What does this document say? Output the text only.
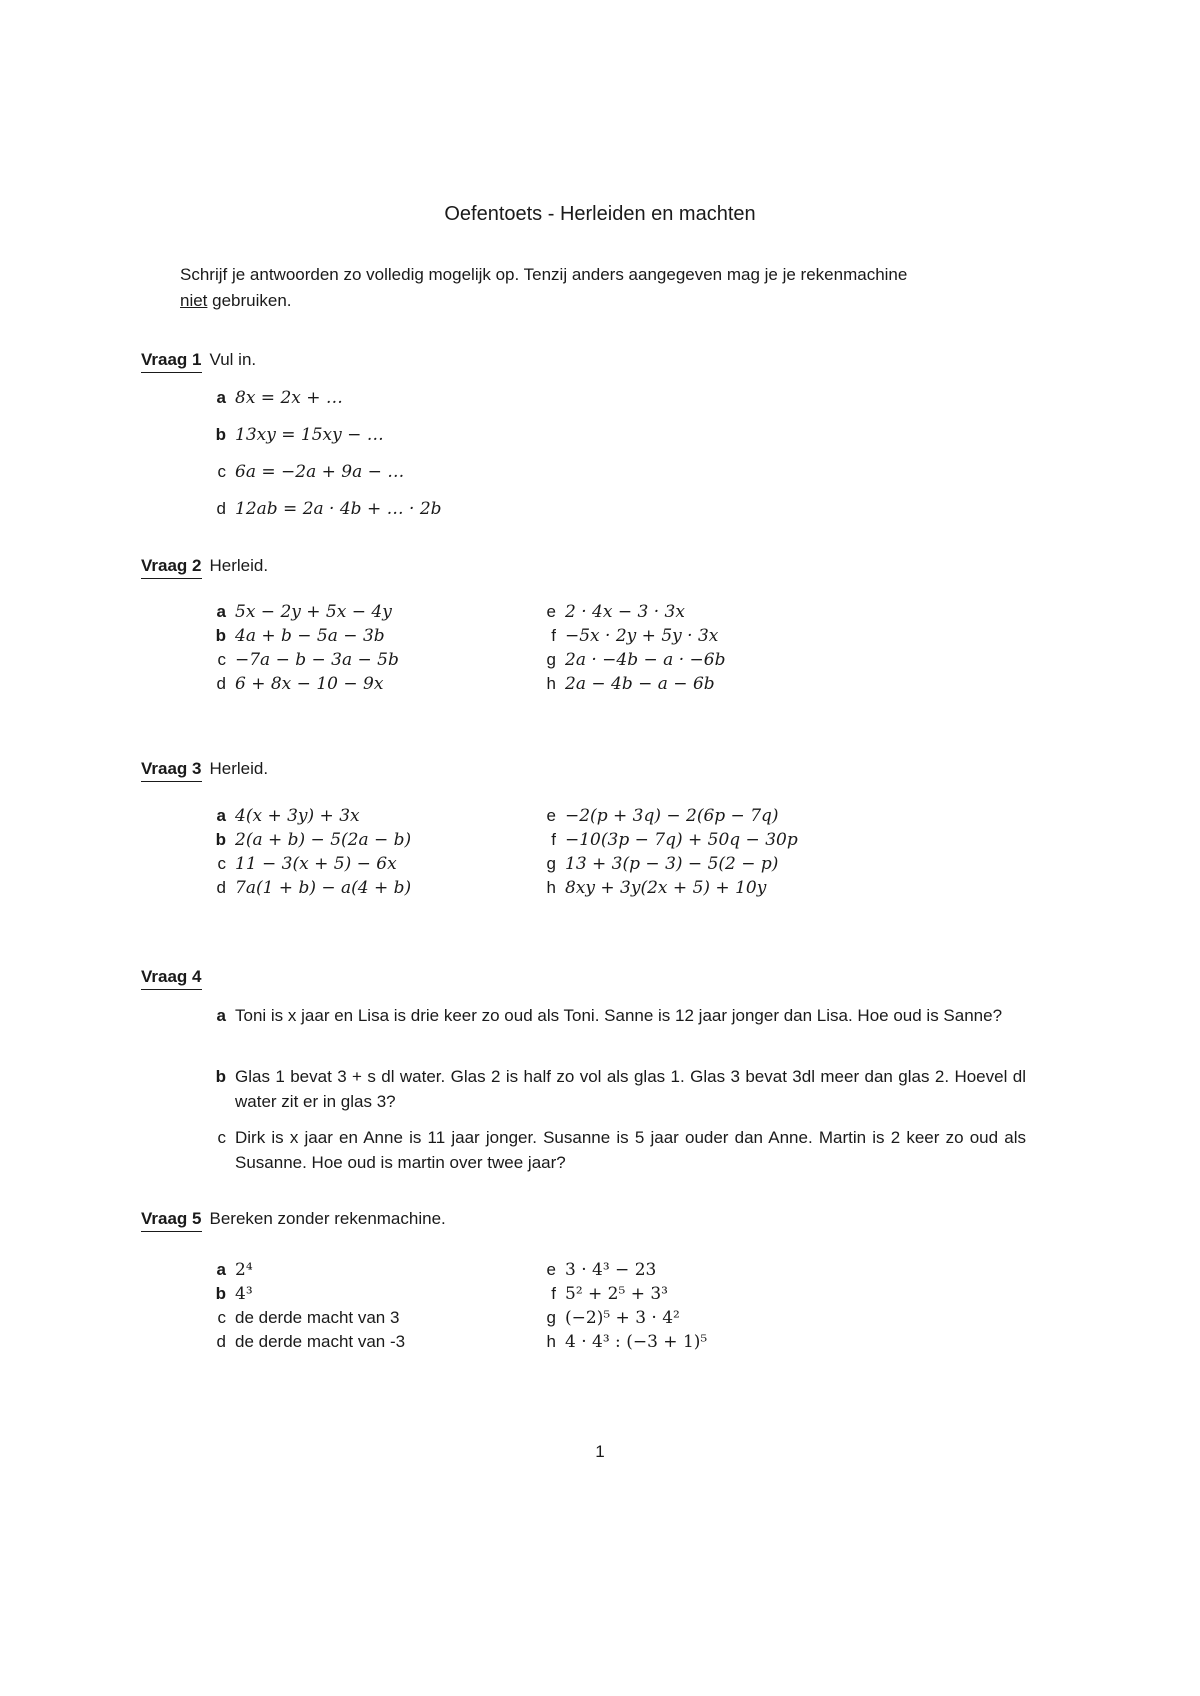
Oefentoets - Herleiden en machten
Schrijf je antwoorden zo volledig mogelijk op. Tenzij anders aangegeven mag je je rekenmachine
niet gebruiken.
Vraag 1 Vul in.
a 8x = 2x + …
b 13xy = 15xy − …
c 6a = −2a + 9a − …
d 12ab = 2a · 4b + … · 2b
Vraag 2 Herleid.
a 5x − 2y + 5x − 4y
b 4a + b − 5a − 3b
c −7a − b − 3a − 5b
d 6 + 8x − 10 − 9x
e 2 · 4x − 3 · 3x
f −5x · 2y + 5y · 3x
g 2a · −4b − a · −6b
h 2a − 4b − a − 6b
Vraag 3 Herleid.
a 4(x + 3y) + 3x
b 2(a + b) − 5(2a − b)
c 11 − 3(x + 5) − 6x
d 7a(1 + b) − a(4 + b)
e −2(p + 3q) − 2(6p − 7q)
f −10(3p − 7q) + 50q − 30p
g 13 + 3(p − 3) − 5(2 − p)
h 8xy + 3y(2x + 5) + 10y
Vraag 4
a Toni is x jaar en Lisa is drie keer zo oud als Toni. Sanne is 12 jaar jonger dan Lisa. Hoe oud is Sanne?
b Glas 1 bevat 3 + s dl water. Glas 2 is half zo vol als glas 1. Glas 3 bevat 3dl meer dan glas 2. Hoevel dl water zit er in glas 3?
c Dirk is x jaar en Anne is 11 jaar jonger. Susanne is 5 jaar ouder dan Anne. Martin is 2 keer zo oud als Susanne. Hoe oud is martin over twee jaar?
Vraag 5 Bereken zonder rekenmachine.
a 2⁴
b 4³
c de derde macht van 3
d de derde macht van -3
e 3 · 4³ − 23
f 5² + 2⁵ + 3³
g (−2)⁵ + 3 · 4²
h 4 · 4³ : (−3 + 1)⁵
1
